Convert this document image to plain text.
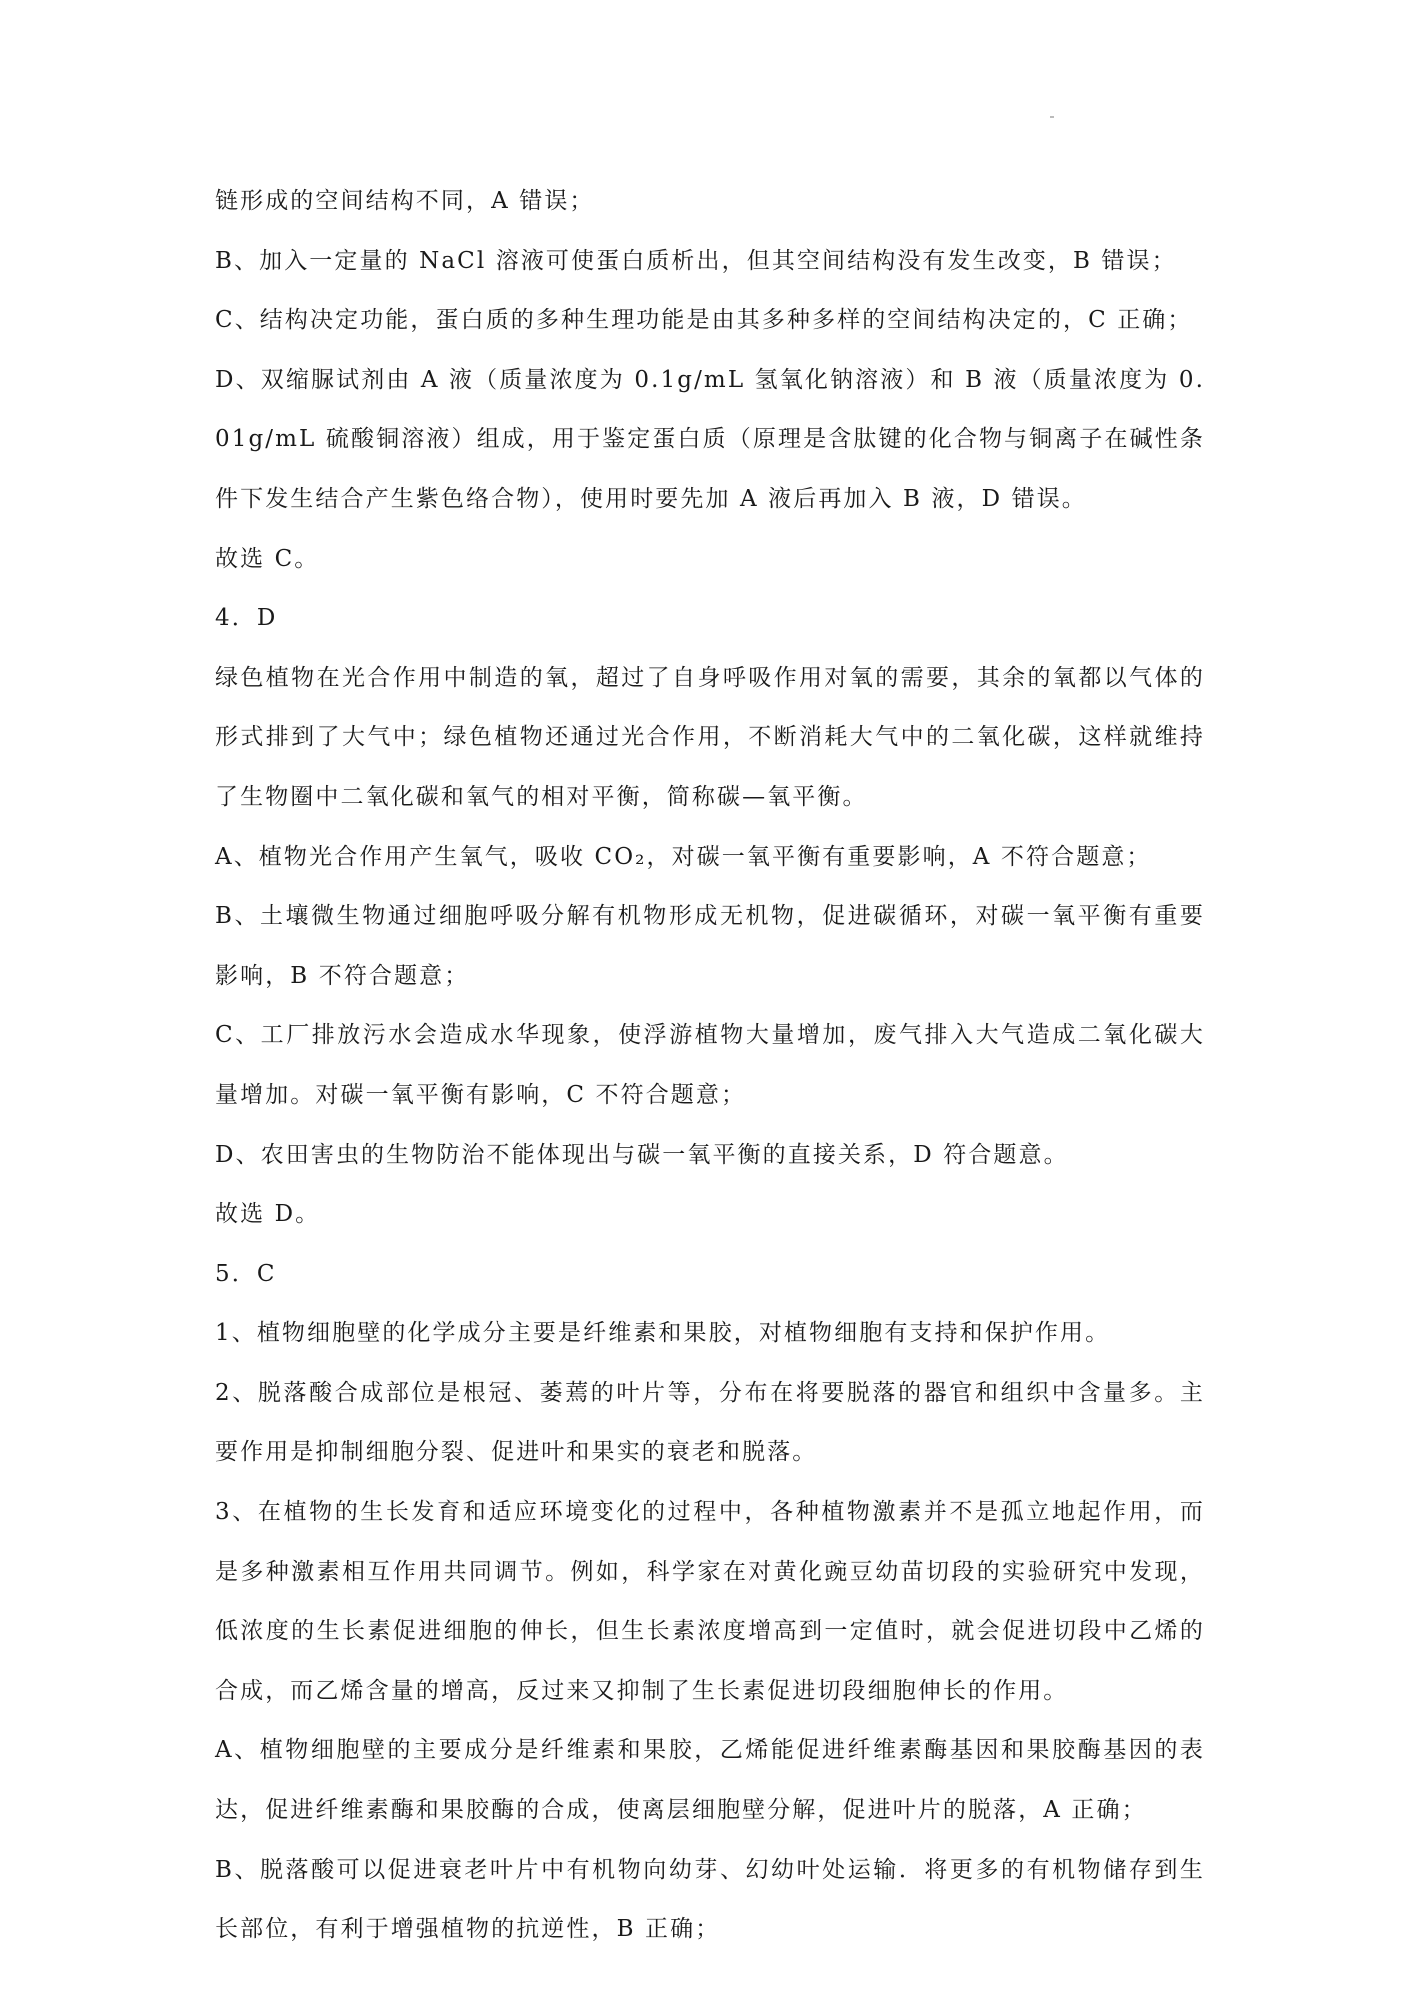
链形成的空间结构不同，A 错误；

B、加入一定量的 NaCl 溶液可使蛋白质析出，但其空间结构没有发生改变，B 错误；

C、结构决定功能，蛋白质的多种生理功能是由其多种多样的空间结构决定的，C 正确；

D、双缩脲试剂由 A 液（质量浓度为 0.1g/mL 氢氧化钠溶液）和 B 液（质量浓度为 0.01g/mL 硫酸铜溶液）组成，用于鉴定蛋白质（原理是含肽键的化合物与铜离子在碱性条件下发生结合产生紫色络合物），使用时要先加 A 液后再加入 B 液，D 错误。

故选 C。

4．D

绿色植物在光合作用中制造的氧，超过了自身呼吸作用对氧的需要，其余的氧都以气体的形式排到了大气中；绿色植物还通过光合作用，不断消耗大气中的二氧化碳，这样就维持了生物圈中二氧化碳和氧气的相对平衡，简称碳—氧平衡。

A、植物光合作用产生氧气，吸收 CO₂，对碳一氧平衡有重要影响，A 不符合题意；

B、土壤微生物通过细胞呼吸分解有机物形成无机物，促进碳循环，对碳一氧平衡有重要影响，B 不符合题意；

C、工厂排放污水会造成水华现象，使浮游植物大量增加，废气排入大气造成二氧化碳大量增加。对碳一氧平衡有影响，C 不符合题意；

D、农田害虫的生物防治不能体现出与碳一氧平衡的直接关系，D 符合题意。

故选 D。

5．C

1、植物细胞壁的化学成分主要是纤维素和果胶，对植物细胞有支持和保护作用。

2、脱落酸合成部位是根冠、萎蔫的叶片等，分布在将要脱落的器官和组织中含量多。主要作用是抑制细胞分裂、促进叶和果实的衰老和脱落。

3、在植物的生长发育和适应环境变化的过程中，各种植物激素并不是孤立地起作用，而是多种激素相互作用共同调节。例如，科学家在对黄化豌豆幼苗切段的实验研究中发现，低浓度的生长素促进细胞的伸长，但生长素浓度增高到一定值时，就会促进切段中乙烯的合成，而乙烯含量的增高，反过来又抑制了生长素促进切段细胞伸长的作用。

A、植物细胞壁的主要成分是纤维素和果胶，乙烯能促进纤维素酶基因和果胶酶基因的表达，促进纤维素酶和果胶酶的合成，使离层细胞壁分解，促进叶片的脱落，A 正确；

B、脱落酸可以促进衰老叶片中有机物向幼芽、幻幼叶处运输．将更多的有机物储存到生长部位，有利于增强植物的抗逆性，B 正确；
